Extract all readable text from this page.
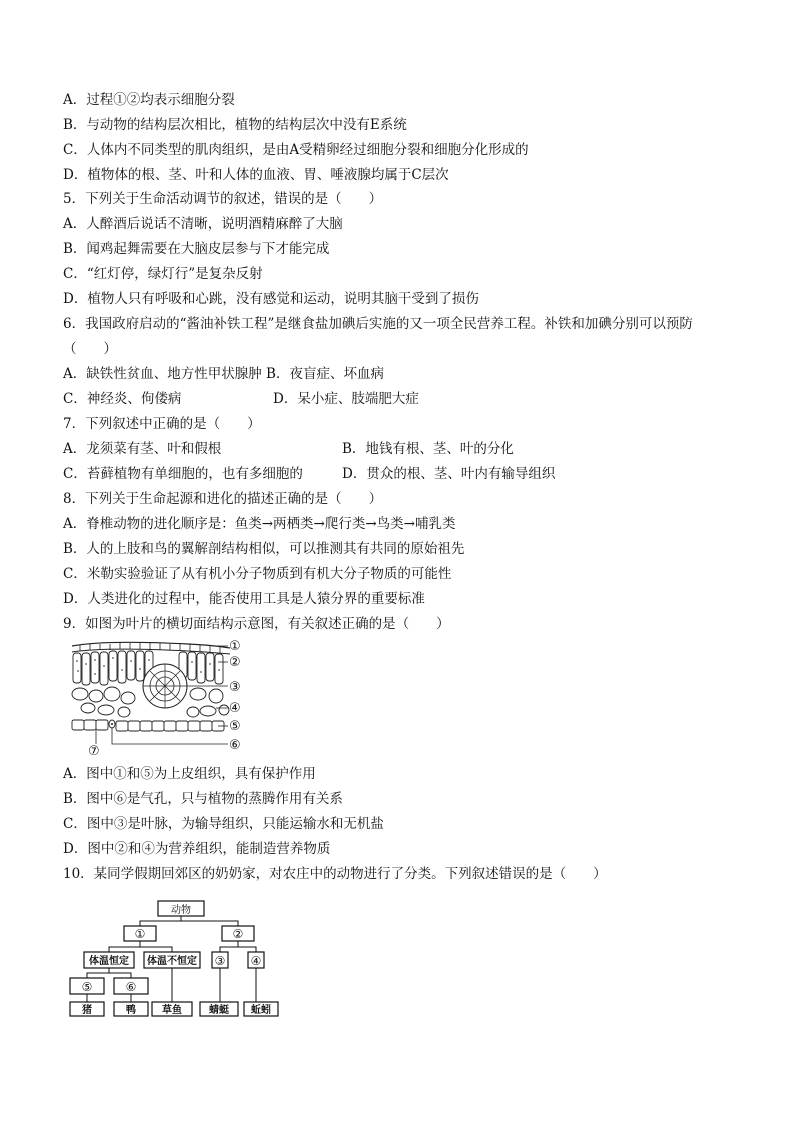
A．过程①②均表示细胞分裂
B．与动物的结构层次相比，植物的结构层次中没有E系统
C．人体内不同类型的肌肉组织，是由A受精卵经过细胞分裂和细胞分化形成的
D．植物体的根、茎、叶和人体的血液、胃、唾液腺均属于C层次
5．下列关于生命活动调节的叙述，错误的是（　　）
A．人醉酒后说话不清晰，说明酒精麻醉了大脑
B．闻鸡起舞需要在大脑皮层参与下才能完成
C．“红灯停，绿灯行”是复杂反射
D．植物人只有呼吸和心跳，没有感觉和运动，说明其脑干受到了损伤
6．我国政府启动的“酱油补铁工程”是继食盐加碘后实施的又一项全民营养工程。补铁和加碘分别可以预防
（　　）
A．缺铁性贫血、地方性甲状腺肿 B．夜盲症、坏血病
C．神经炎、佝偻病	D．呆小症、肢端肥大症
7．下列叙述中正确的是（　　）
A．龙须菜有茎、叶和假根	B．地钱有根、茎、叶的分化
C．苔藓植物有单细胞的，也有多细胞的	D．贯众的根、茎、叶内有输导组织
8．下列关于生命起源和进化的描述正确的是（　　）
A．脊椎动物的进化顺序是：鱼类→两栖类→爬行类→鸟类→哺乳类
B．人的上肢和鸟的翼解剖结构相似，可以推测其有共同的原始祖先
C．米勒实验验证了从有机小分子物质到有机大分子物质的可能性
D．人类进化的过程中，能否使用工具是人猿分界的重要标准
9．如图为叶片的横切面结构示意图，有关叙述正确的是（　　）
①
②
③
④
⑤
⑥
⑦
A．图中①和⑤为上皮组织，具有保护作用
B．图中⑥是气孔，只与植物的蒸腾作用有关系
C．图中③是叶脉，为输导组织，只能运输水和无机盐
D．图中②和④为营养组织，能制造营养物质
10．某同学假期回郊区的奶奶家，对农庄中的动物进行了分类。下列叙述错误的是（　　）
动物
①	②
体温恒定 体温不恒定 ③ ④
⑤	⑥
猪	鸭	草鱼	蜻蜓 蚯蚓
